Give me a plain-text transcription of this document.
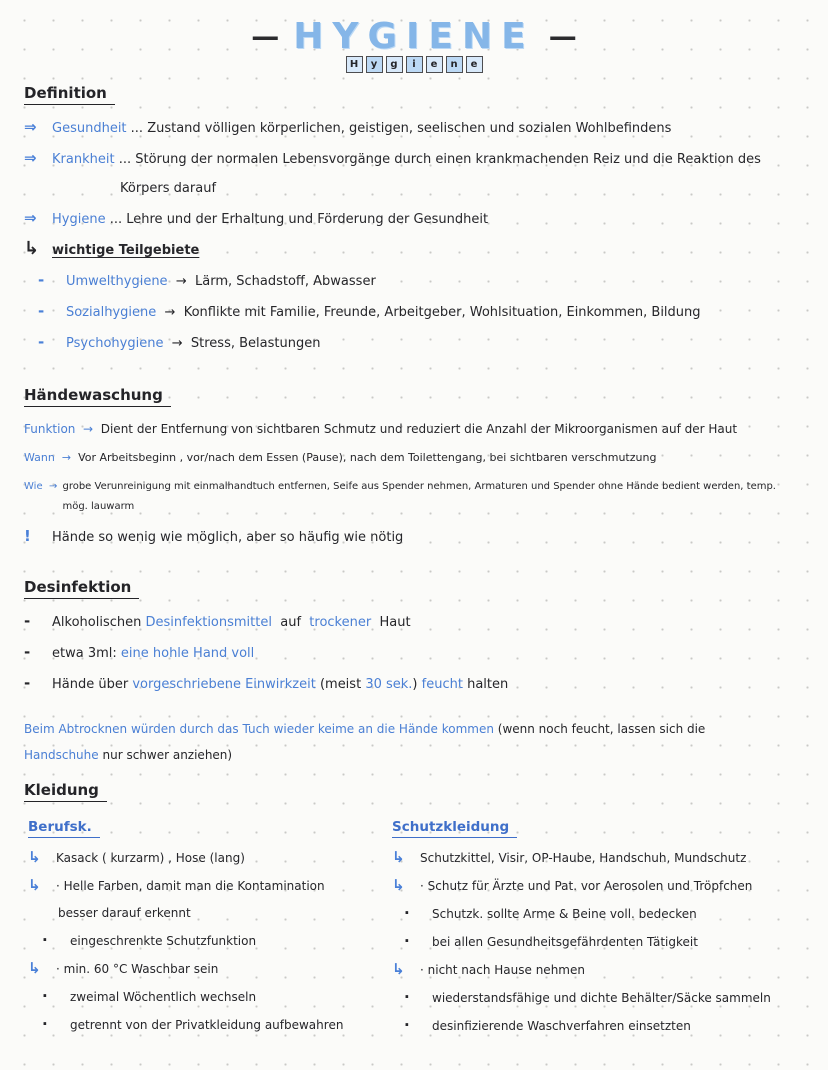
— HYGIENE —
H	y	g	i	e	n	e
Definition
⇒	Gesundheit ... Zustand völligen körperlichen, geistigen, seelischen und sozialen Wohlbefindens
⇒	Krankheit ... Störung der normalen Lebensvorgänge durch einen krankmachenden Reiz und die Reaktion des
Körpers darauf
⇒	Hygiene ... Lehre und der Erhaltung und Förderung der Gesundheit
↳ wichtige Teilgebiete
-	Umwelthygiene → Lärm, Schadstoff, Abwasser
-	Sozialhygiene → Konflikte mit Familie, Freunde, Arbeitgeber, Wohlsituation, Einkommen, Bildung
-	Psychohygiene → Stress, Belastungen
Händewaschung
Funktion → Dient der Entfernung von sichtbaren Schmutz und reduziert die Anzahl der Mikroorganismen auf der Haut
Wann → Vor Arbeitsbeginn , vor/nach dem Essen (Pause), nach dem Toilettengang, bei sichtbaren verschmutzung
Wie →
grobe Verunreinigung mit einmalhandtuch entfernen, Seife aus Spender nehmen, Armaturen und Spender ohne Hände bedient werden, temp. mög. lauwarm
!	Hände so wenig wie möglich, aber so häufig wie nötig
Desinfektion
-	Alkoholischen Desinfektionsmittel auf trockener Haut
-	etwa 3ml: eine hohle Hand voll
-	Hände über vorgeschriebene Einwirkzeit (meist 30 sek. ) feucht halten
Beim Abtrocknen würden durch das Tuch wieder keime an die Hände kommen (wenn noch feucht, lassen sich die
Handschuhe nur schwer anziehen)
Kleidung
Berufsk.
↳	Kasack ( kurzarm) , Hose (lang)
↳	· Helle Farben, damit man die Kontamination
besser darauf erkennt
·	eingeschrenkte Schutzfunktion
↳	· min. 60 °C Waschbar sein
·	zweimal Wöchentlich wechseln
·	getrennt von der Privatkleidung aufbewahren
Schutzkleidung
↳	Schutzkittel, Visir, OP-Haube, Handschuh, Mundschutz
↳	· Schutz für Ärzte und Pat. vor Aerosolen und Tröpfchen
·	Schutzk. sollte Arme & Beine voll. bedecken
·	bei allen Gesundheitsgefährdenten Tätigkeit
↳	· nicht nach Hause nehmen
·	wiederstandsfähige und dichte Behälter/Säcke sammeln
·	desinfizierende Waschverfahren einsetzten
